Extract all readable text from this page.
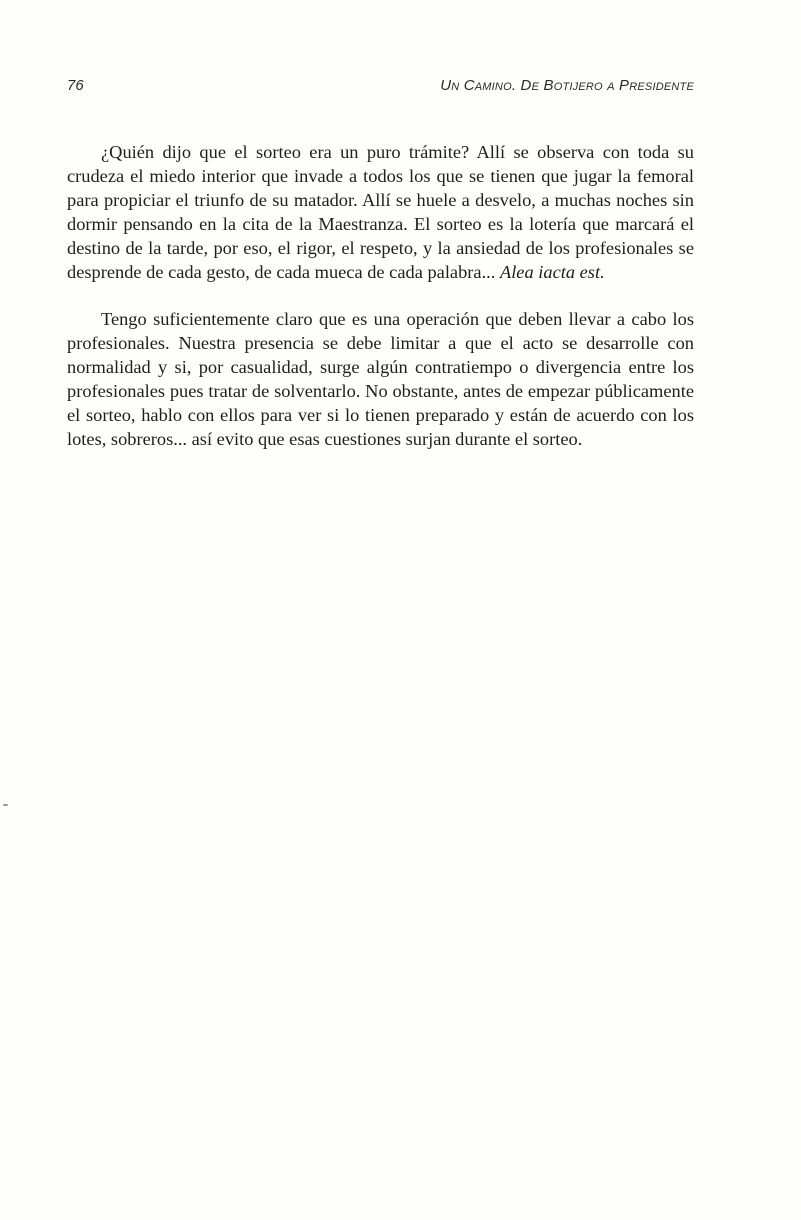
76	Un Camino. De Botijero a Presidente

¿Quién dijo que el sorteo era un puro trámite? Allí se observa con toda su crudeza el miedo interior que invade a todos los que se tienen que jugar la femoral para propiciar el triunfo de su matador. Allí se huele a desvelo, a muchas noches sin dormir pensando en la cita de la Maestranza. El sorteo es la lotería que marcará el destino de la tarde, por eso, el rigor, el respeto, y la ansiedad de los profesionales se desprende de cada gesto, de cada mueca de cada palabra... Alea iacta est.

Tengo suficientemente claro que es una operación que deben llevar a cabo los profesionales. Nuestra presencia se debe limitar a que el acto se desarrolle con normalidad y si, por casualidad, surge algún contratiempo o divergencia entre los profesionales pues tratar de solventarlo. No obstante, antes de empezar públicamente el sorteo, hablo con ellos para ver si lo tienen preparado y están de acuerdo con los lotes, sobreros... así evito que esas cuestiones surjan durante el sorteo.
